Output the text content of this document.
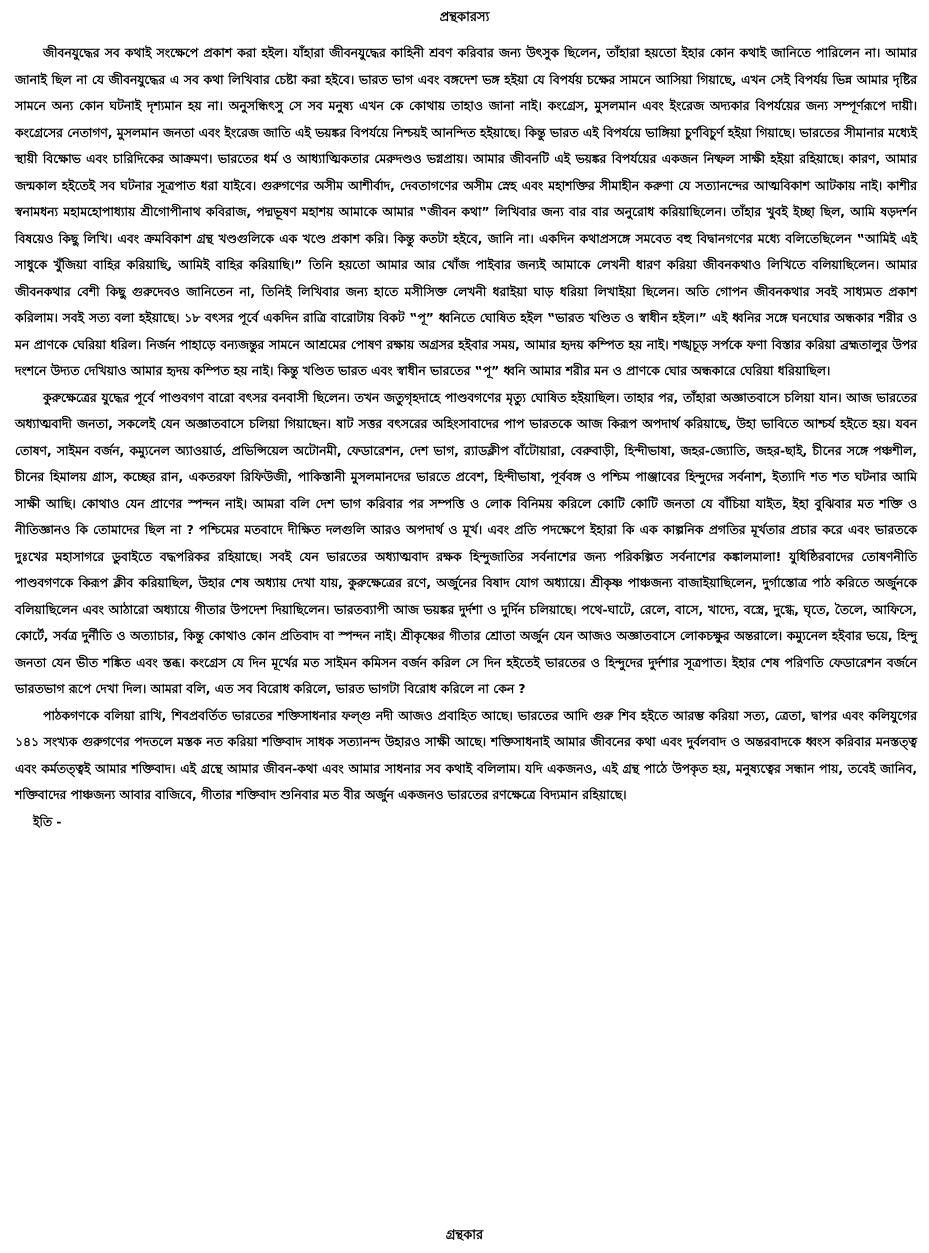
প্রন্থকারস্য

জীবনযুদ্ধের সব কথাই সংক্ষেপে প্রকাশ করা হইল। যাঁহারা জীবনযুদ্ধের কাহিনী শ্রবণ করিবার জন্য উৎসুক ছিলেন, তাঁহারা হয়তো ইহার কোন কথাই জানিতে পারিলেন না। আমার জানাই ছিল না যে জীবনযুদ্ধের এ সব কথা লিখিবার চেষ্টা করা হইবে। ভারত ভাগ এবং বঙ্গদেশ ভঙ্গ হইয়া যে বিপর্যয় চক্ষের সামনে আসিয়া গিয়াছে, এখন সেই বিপর্যয় ভিন্ন আমার দৃষ্টির সামনে অন্য কোন ঘটনাই দৃশ্যমান হয় না। অনুসন্ধিৎসু সে সব মনুষ্য এখন কে কোথায় তাহাও জানা নাই। কংগ্রেস, মুসলমান এবং ইংরেজ অদ্যকার বিপর্যয়ের জন্য সম্পূর্ণরূপে দায়ী। কংগ্রেসের নেতাগণ, মুসলমান জনতা এবং ইংরেজ জাতি এই ভয়ঙ্কর বিপর্যয়ে নিশ্চয়ই আনন্দিত হইয়াছে। কিন্তু ভারত এই বিপর্যয়ে ভাঙ্গিয়া চুর্ণবিচুর্ণ হইয়া গিয়াছে। ভারতের সীমানার মধ্যেই স্থায়ী বিক্ষোভ এবং চারিদিকের আক্রমণ। ভারতের ধর্ম ও আধ্যাত্মিকতার মেরুদণ্ডও ভগ্নপ্রায়। আমার জীবনটি এই ভয়ঙ্কর বিপর্যয়ের একজন নিষ্ফল সাক্ষী হইয়া রহিয়াছে। কারণ, আমার জন্মকাল হইতেই সব ঘটনার সূত্রপাত ধরা যাইবে। গুরুগণের অসীম আশীর্বাদ, দেবতাগণের অসীম স্নেহ এবং মহাশক্তির সীমাহীন করুণা যে সত্যানন্দের আত্মবিকাশ আটকায় নাই। কাশীর স্বনামধন্য মহামহোপাধ্যায় শ্রীগোপীনাথ কবিরাজ, পদ্মভূষণ মহাশয় আমাকে আমার ‟জীবন কথা” লিখিবার জন্য বার বার অনুরোধ করিয়াছিলেন। তাঁহার খুবই ইচ্ছা ছিল, আমি ষড়দর্শন বিষয়েও কিছু লিখি। এবং ক্রমবিকাশ গ্রন্থ খণ্ডগুলিকে এক খণ্ডে প্রকাশ করি। কিন্তু কতটা হইবে, জানি না। একদিন কথাপ্রসঙ্গে সমবেত বহু বিদ্বানগণের মধ্যে বলিতেছিলেন ‟আমিই এই সাধুকে খুঁজিয়া বাহির করিয়াছি, আমিই বাহির করিয়াছি।” তিনি হয়তো আমার আর খোঁজ পাইবার জন্যই আমাকে লেখনী ধারণ করিয়া জীবনকথাও লিখিতে বলিয়াছিলেন। আমার জীবনকথার বেশী কিছু গুরুদেবও জানিতেন না, তিনিই লিখিবার জন্য হাতে মসীসিক্ত লেখনী ধরাইয়া ঘাড় ধরিয়া লিখাইয়া ছিলেন। অতি গোপন জীবনকথার সবই সাধ্যমত প্রকাশ করিলাম। সবই সত্য বলা হইয়াছে। ১৮ বৎসর পূর্বে একদিন রাত্রি বারোটায় বিকট ‟পূ” ধ্বনিতে ঘোষিত হইল ‟ভারত খণ্ডিত ও স্বাধীন হইল।” এই ধ্বনির সঙ্গে ঘনঘোর অন্ধকার শরীর ও মন প্রাণকে ঘেরিয়া ধরিল। নির্জন পাহাড়ে বন্যজন্তুর সামনে আশ্রমের পোষণ রক্ষায় অগ্রসর হইবার সময়, আমার হৃদয় কম্পিত হয় নাই। শঙ্খচূড় সর্পকে ফণা বিস্তার করিয়া ব্রহ্মতালুর উপর দংশনে উদ্যত দেখিয়াও আমার হৃদয় কম্পিত হয় নাই। কিন্তু খণ্ডিত ভারত এবং স্বাধীন ভারতের ‟পূ” ধ্বনি আমার শরীর মন ও প্রাণকে ঘোর অন্ধকারে ঘেরিয়া ধরিয়াছিল।

কুরুক্ষেত্রের যুদ্ধের পূর্বে পাণ্ডবগণ বারো বৎসর বনবাসী ছিলেন। তখন জতুগৃহদাহে পাণ্ডবগণের মৃত্যু ঘোষিত হইয়াছিল। তাহার পর, তাঁহারা অজ্ঞাতবাসে চলিয়া যান। আজ ভারতের অধ্যাত্মবাদী জনতা, সকলেই যেন অজ্ঞাতবাসে চলিয়া গিয়াছেন। ষাট সত্তর বৎসরের অহিংসাবাদের পাপ ভারতকে আজ কিরূপ অপদার্থ করিয়াছে, উহা ভাবিতে আশ্চর্য হইতে হয়। যবন তোষণ, সাইমন বর্জন, কম্যুনেল অ্যাওয়ার্ড, প্রভিন্সিয়েল অটোনমী, ফেডারেশন, দেশ ভাগ, র‍্যাডক্লীপ বাঁটোয়ারা, বেরুবাড়ী, হিন্দীভাষা, জহর-জ্যোতি, জহর-ছাই, চীনের সঙ্গে পঞ্চশীল, চীনের হিমালয় গ্রাস, কচ্ছের রান, একতরফা রিফিউজী, পাকিস্তানী মুসলমানদের ভারতে প্রবেশ, হিন্দীভাষা, পূর্ববঙ্গ ও পশ্চিম পাঞ্জাবের হিন্দুদের সর্বনাশ, ইত্যাদি শত শত ঘটনার আমি সাক্ষী আছি। কোথাও যেন প্রাণের স্পন্দন নাই। আমরা বলি দেশ ভাগ করিবার পর সম্পত্তি ও লোক বিনিময় করিলে কোটি কোটি জনতা যে বাঁচিয়া যাইত, ইহা বুঝিবার মত শক্তি ও নীতিজ্ঞানও কি তোমাদের ছিল না ? পশ্চিমের মতবাদে দীক্ষিত দলগুলি আরও অপদার্থ ও মূর্খ। এবং প্রতি পদক্ষেপে ইহারা কি এক কাল্পনিক প্রগতির মূর্খতার প্রচার করে এবং ভারতকে দুঃখের মহাসাগরে ডুবাইতে বদ্ধপরিকর রহিয়াছে। সবই যেন ভারতের অধ্যাত্মবাদ রক্ষক হিন্দুজাতির সর্বনাশের জন্য পরিকল্পিত সর্বনাশের কঙ্কালমালা! যুধিষ্ঠিরবাদের তোষণনীতি পাণ্ডবগণকে কিরূপ ক্লীব করিয়াছিল, উহার শেষ অধ্যায় দেখা যায়, কুরুক্ষেত্রের রণে, অর্জুনের বিষাদ যোগ অধ্যায়ে। শ্রীকৃষ্ণ পাঞ্চজন্য বাজাইয়াছিলেন, দুর্গাস্তোত্র পাঠ করিতে অর্জুনকে বলিয়াছিলেন এবং আঠারো অধ্যায়ে গীতার উপদেশ দিয়াছিলেন। ভারতব্যাপী আজ ভয়ঙ্কর দুর্দশা ও দুর্দিন চলিয়াছে। পথে-ঘাটে, রেলে, বাসে, খাদ্যে, বস্ত্রে, দুগ্ধে, ঘৃতে, তৈলে, আফিসে, কোর্টে, সর্বত্র দুর্নীতি ও অত্যাচার, কিন্তু কোথাও কোন প্রতিবাদ বা স্পন্দন নাই। শ্রীকৃষ্ণের গীতার শ্রোতা অর্জুন যেন আজও অজ্ঞাতবাসে লোকচক্ষুর অন্তরালে। কম্যুনেল হইবার ভয়ে, হিন্দু জনতা যেন ভীত শঙ্কিত এবং স্তব্ধ। কংগ্রেস যে দিন মূর্খের মত সাইমন কমিসন বর্জন করিল সে দিন হইতেই ভারতের ও হিন্দুদের দুর্দশার সূত্রপাত। ইহার শেষ পরিণতি ফেডারেশন বর্জনে ভারতভাগ রূপে দেখা দিল। আমরা বলি, এত সব বিরোধ করিলে, ভারত ভাগটা বিরোধ করিলে না কেন ?

পাঠকগণকে বলিয়া রাখি, শিবপ্রবর্তিত ভারতের শক্তিসাধনার ফল্গু নদী আজও প্রবাহিত আছে। ভারতের আদি গুরু শিব হইতে আরম্ভ করিয়া সত্য, ত্রেতা, দ্বাপর এবং কলিযুগের ১৪১ সংখ্যক গুরুগণের পদতলে মস্তক নত করিয়া শক্তিবাদ সাধক সত্যানন্দ উহারও সাক্ষী আছে। শক্তিসাধনাই আমার জীবনের কথা এবং দুর্বলবাদ ও অন্তরবাদকে ধ্বংস করিবার মনস্তত্ত্ব এবং কর্মতত্ত্বই আমার শক্তিবাদ। এই গ্রন্থে আমার জীবন-কথা এবং আমার সাধনার সব কথাই বলিলাম। যদি একজনও, এই গ্রন্থ পাঠে উপকৃত হয়, মনুষ্যত্বের সন্ধান পায়, তবেই জানিব, শক্তিবাদের পাঞ্চজন্য আবার বাজিবে, গীতার শক্তিবাদ শুনিবার মত বীর অর্জুন একজনও ভারতের রণক্ষেত্রে বিদ্যমান রহিয়াছে।

ইতি -

গ্রন্থকার
